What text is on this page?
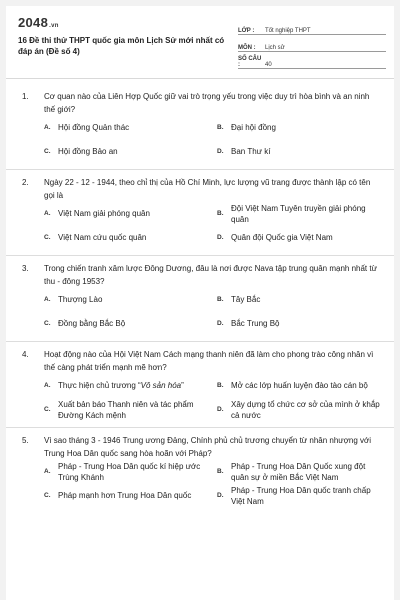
2048.vn
16 Đề thi thử THPT quốc gia môn Lịch Sử mới nhất có đáp án (Đề số 4)
LỚP :	Tốt nghiệp THPT
MÔN :	Lịch sử
SỐ CÂU :	40
1.	Cơ quan nào của Liên Hợp Quốc giữ vai trò trọng yếu trong việc duy trì hòa bình và an ninh thế giới?
A. Hội đồng Quản thác	B. Đại hội đồng
C. Hội đồng Bảo an	D. Ban Thư kí
2.	Ngày 22 - 12 - 1944, theo chỉ thị của Hồ Chí Minh, lực lượng vũ trang được thành lập có tên gọi là
A. Việt Nam giải phóng quân	B.
Đội Việt Nam Tuyên truyền giải phóng quân
C. Việt Nam cứu quốc quân	D. Quân đội Quốc gia Việt Nam
3.	Trong chiến tranh xâm lược Đông Dương, đâu là nơi được Nava tập trung quân mạnh nhất từ thu - đông 1953?
A. Thượng Lào	B. Tây Bắc
C. Đồng bằng Bắc Bộ	D. Bắc Trung Bộ
4.	Hoạt động nào của Hội Việt Nam Cách mạng thanh niên đã làm cho phong trào công nhân vì thế càng phát triển mạnh mẽ hơn?
A. Thực hiện chủ trương “Vô sản hóa”	B. Mở các lớp huấn luyện đào tào cán bộ
C.
Xuất bản báo Thanh niên và tác phẩm Đường Kách mệnh
D.
Xây dựng tổ chức cơ sở của mình ở khắp cả nước
5.	Vì sao tháng 3 - 1946 Trung ương Đảng, Chính phủ chủ trương chuyển từ nhân nhượng với Trung Hoa Dân quốc sang hòa hoãn với Pháp?
A.
Pháp - Trung Hoa Dân quốc kí hiệp ước Trùng Khánh
B.
Pháp - Trung Hoa Dân Quốc xung đột quân sự ở miền Bắc Việt Nam
C. Pháp mạnh hơn Trung Hoa Dân quốc	D.
Pháp - Trung Hoa Dân quốc tranh chấp Việt Nam
